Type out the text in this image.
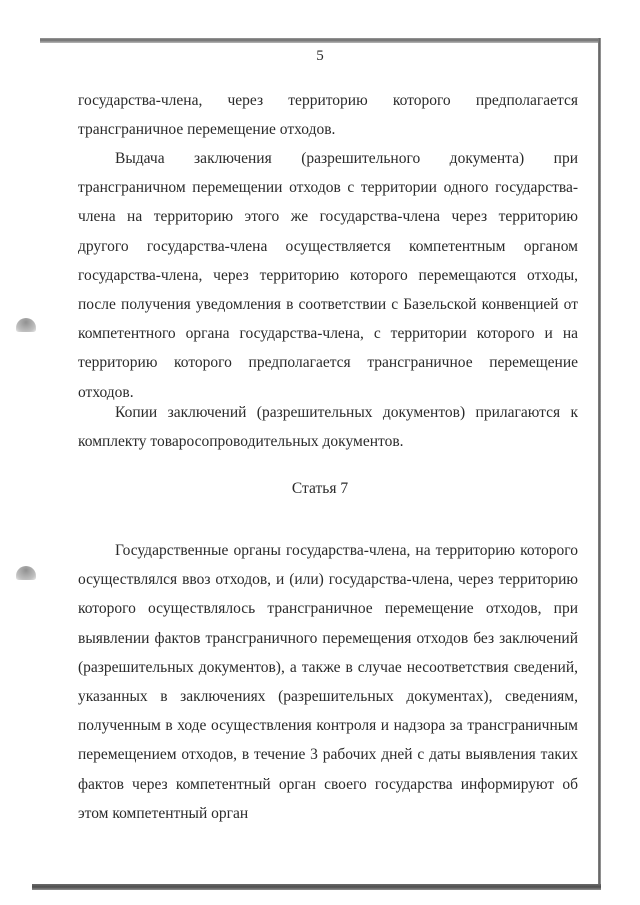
5

государства-члена, через территорию которого предполагается трансграничное перемещение отходов.

Выдача заключения (разрешительного документа) при трансграничном перемещении отходов с территории одного государства-члена на территорию этого же государства-члена через территорию другого государства-члена осуществляется компетентным органом государства-члена, через территорию которого перемещаются отходы, после получения уведомления в соответствии с Базельской конвенцией от компетентного органа государства-члена, с территории которого и на территорию которого предполагается трансграничное перемещение отходов.

Копии заключений (разрешительных документов) прилагаются к комплекту товаросопроводительных документов.

Статья 7

Государственные органы государства-члена, на территорию которого осуществлялся ввоз отходов, и (или) государства-члена, через территорию которого осуществлялось трансграничное перемещение отходов, при выявлении фактов трансграничного перемещения отходов без заключений (разрешительных документов), а также в случае несоответствия сведений, указанных в заключениях (разрешительных документах), сведениям, полученным в ходе осуществления контроля и надзора за трансграничным перемещением отходов, в течение 3 рабочих дней с даты выявления таких фактов через компетентный орган своего государства информируют об этом компетентный орган
